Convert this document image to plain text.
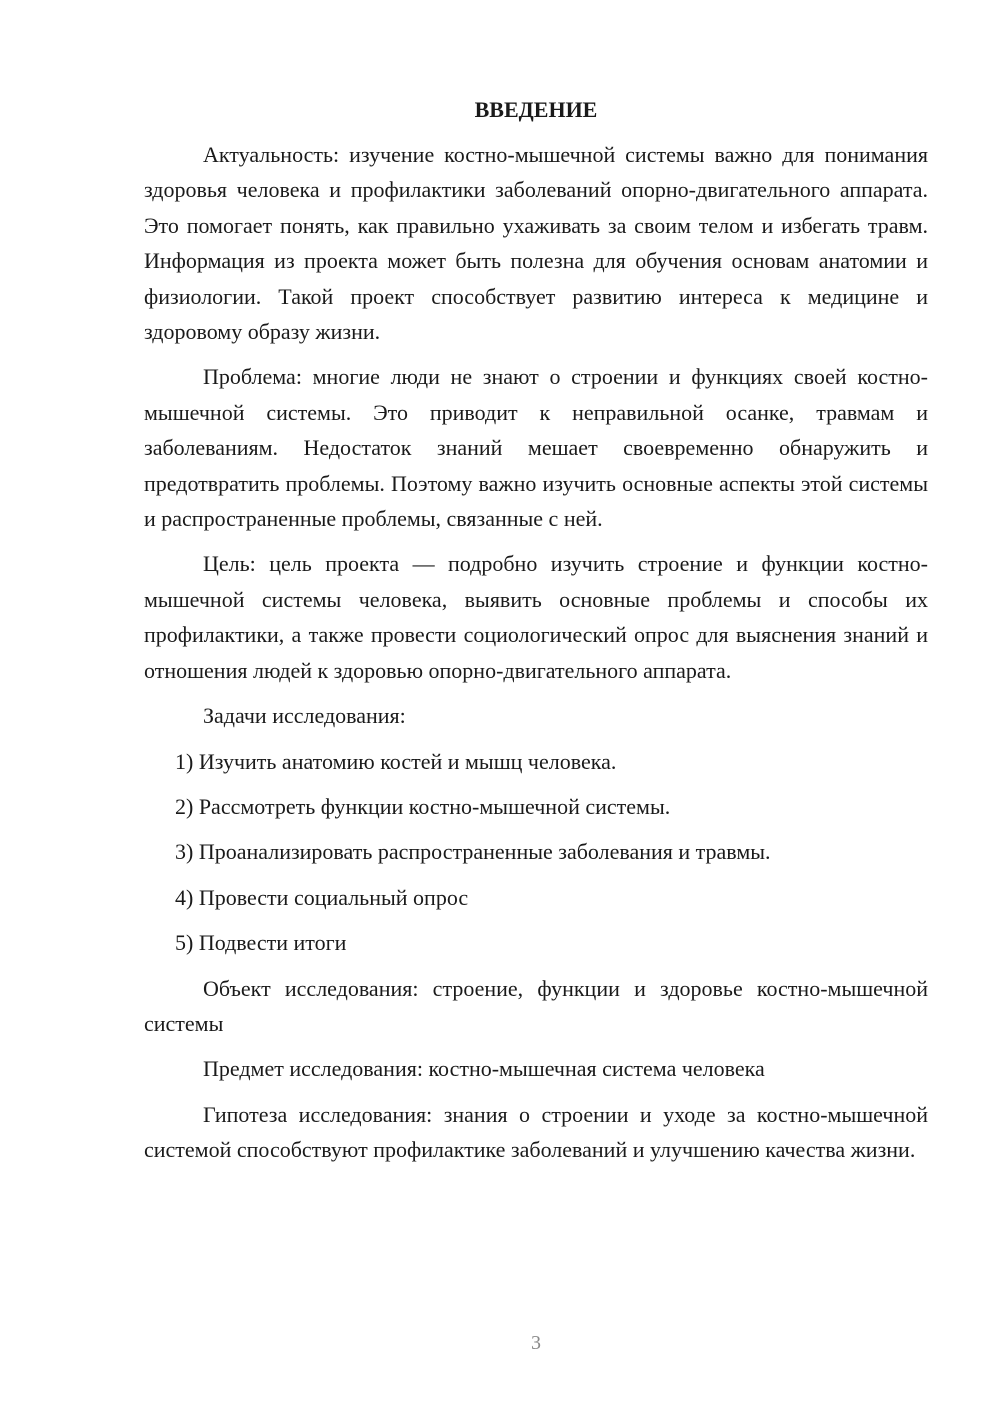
ВВЕДЕНИЕ

Актуальность: изучение костно-мышечной системы важно для понимания здоровья человека и профилактики заболеваний опорно-двигательного аппарата. Это помогает понять, как правильно ухаживать за своим телом и избегать травм. Информация из проекта может быть полезна для обучения основам анатомии и физиологии. Такой проект способствует развитию интереса к медицине и здоровому образу жизни.

Проблема: многие люди не знают о строении и функциях своей костно-мышечной системы. Это приводит к неправильной осанке, травмам и заболеваниям. Недостаток знаний мешает своевременно обнаружить и предотвратить проблемы. Поэтому важно изучить основные аспекты этой системы и распространенные проблемы, связанные с ней.

Цель: цель проекта — подробно изучить строение и функции костно-мышечной системы человека, выявить основные проблемы и способы их профилактики, а также провести социологический опрос для выяснения знаний и отношения людей к здоровью опорно-двигательного аппарата.

Задачи исследования:

1) Изучить анатомию костей и мышц человека.

2) Рассмотреть функции костно-мышечной системы.

3) Проанализировать распространенные заболевания и травмы.

4) Провести социальный опрос

5) Подвести итоги

Объект исследования: строение, функции и здоровье костно-мышечной системы

Предмет исследования: костно-мышечная система человека

Гипотеза исследования: знания о строении и уходе за костно-мышечной системой способствуют профилактике заболеваний и улучшению качества жизни.

3
